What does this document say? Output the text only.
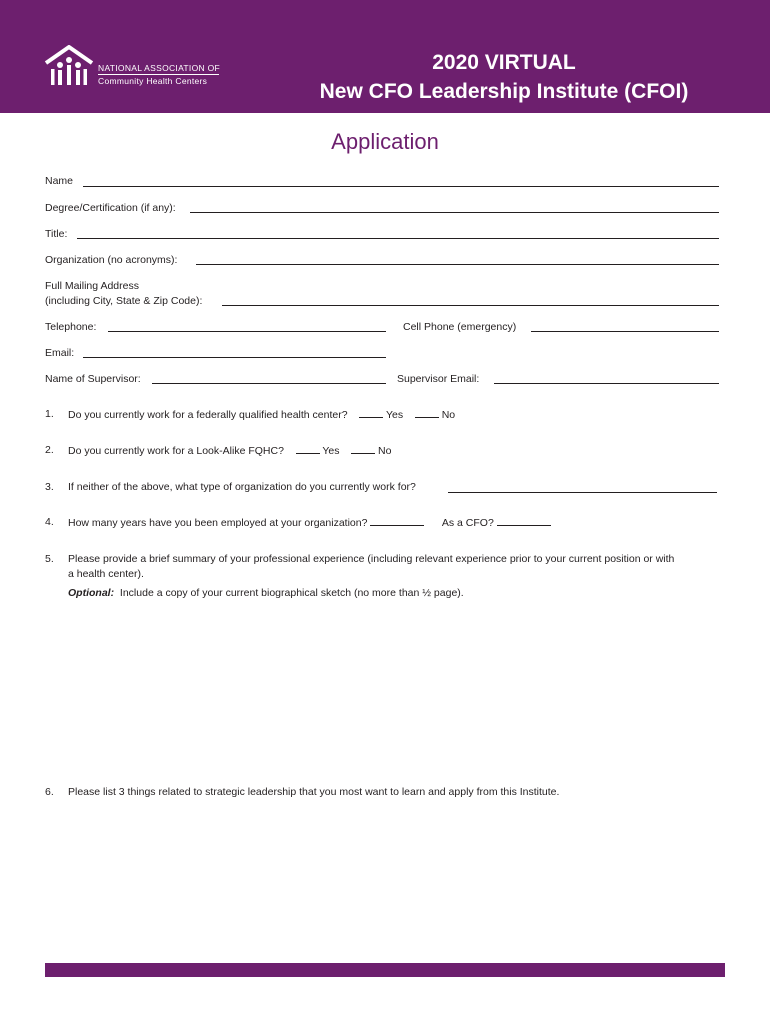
NATIONAL ASSOCIATION OF
Community Health Centers
2020 VIRTUAL
New CFO Leadership Institute (CFOI)
Application
Name
Degree/Certification (if any):
Title:
Organization (no acronyms):
Full Mailing Address
(including City, State & Zip Code):
Telephone:	Cell Phone (emergency)
Email:
Name of Supervisor:	Supervisor Email:
1. Do you currently work for a federally qualified health center?	Yes	No
2. Do you currently work for a Look-Alike FQHC?	Yes	No
3. If neither of the above, what type of organization do you currently work for?
4. How many years have you been employed at your organization?	As a CFO?
5. Please provide a brief summary of your professional experience (including relevant experience prior to your current position or with
a health center).
Optional: Include a copy of your current biographical sketch (no more than ½ page).
6. Please list 3 things related to strategic leadership that you most want to learn and apply from this Institute.
